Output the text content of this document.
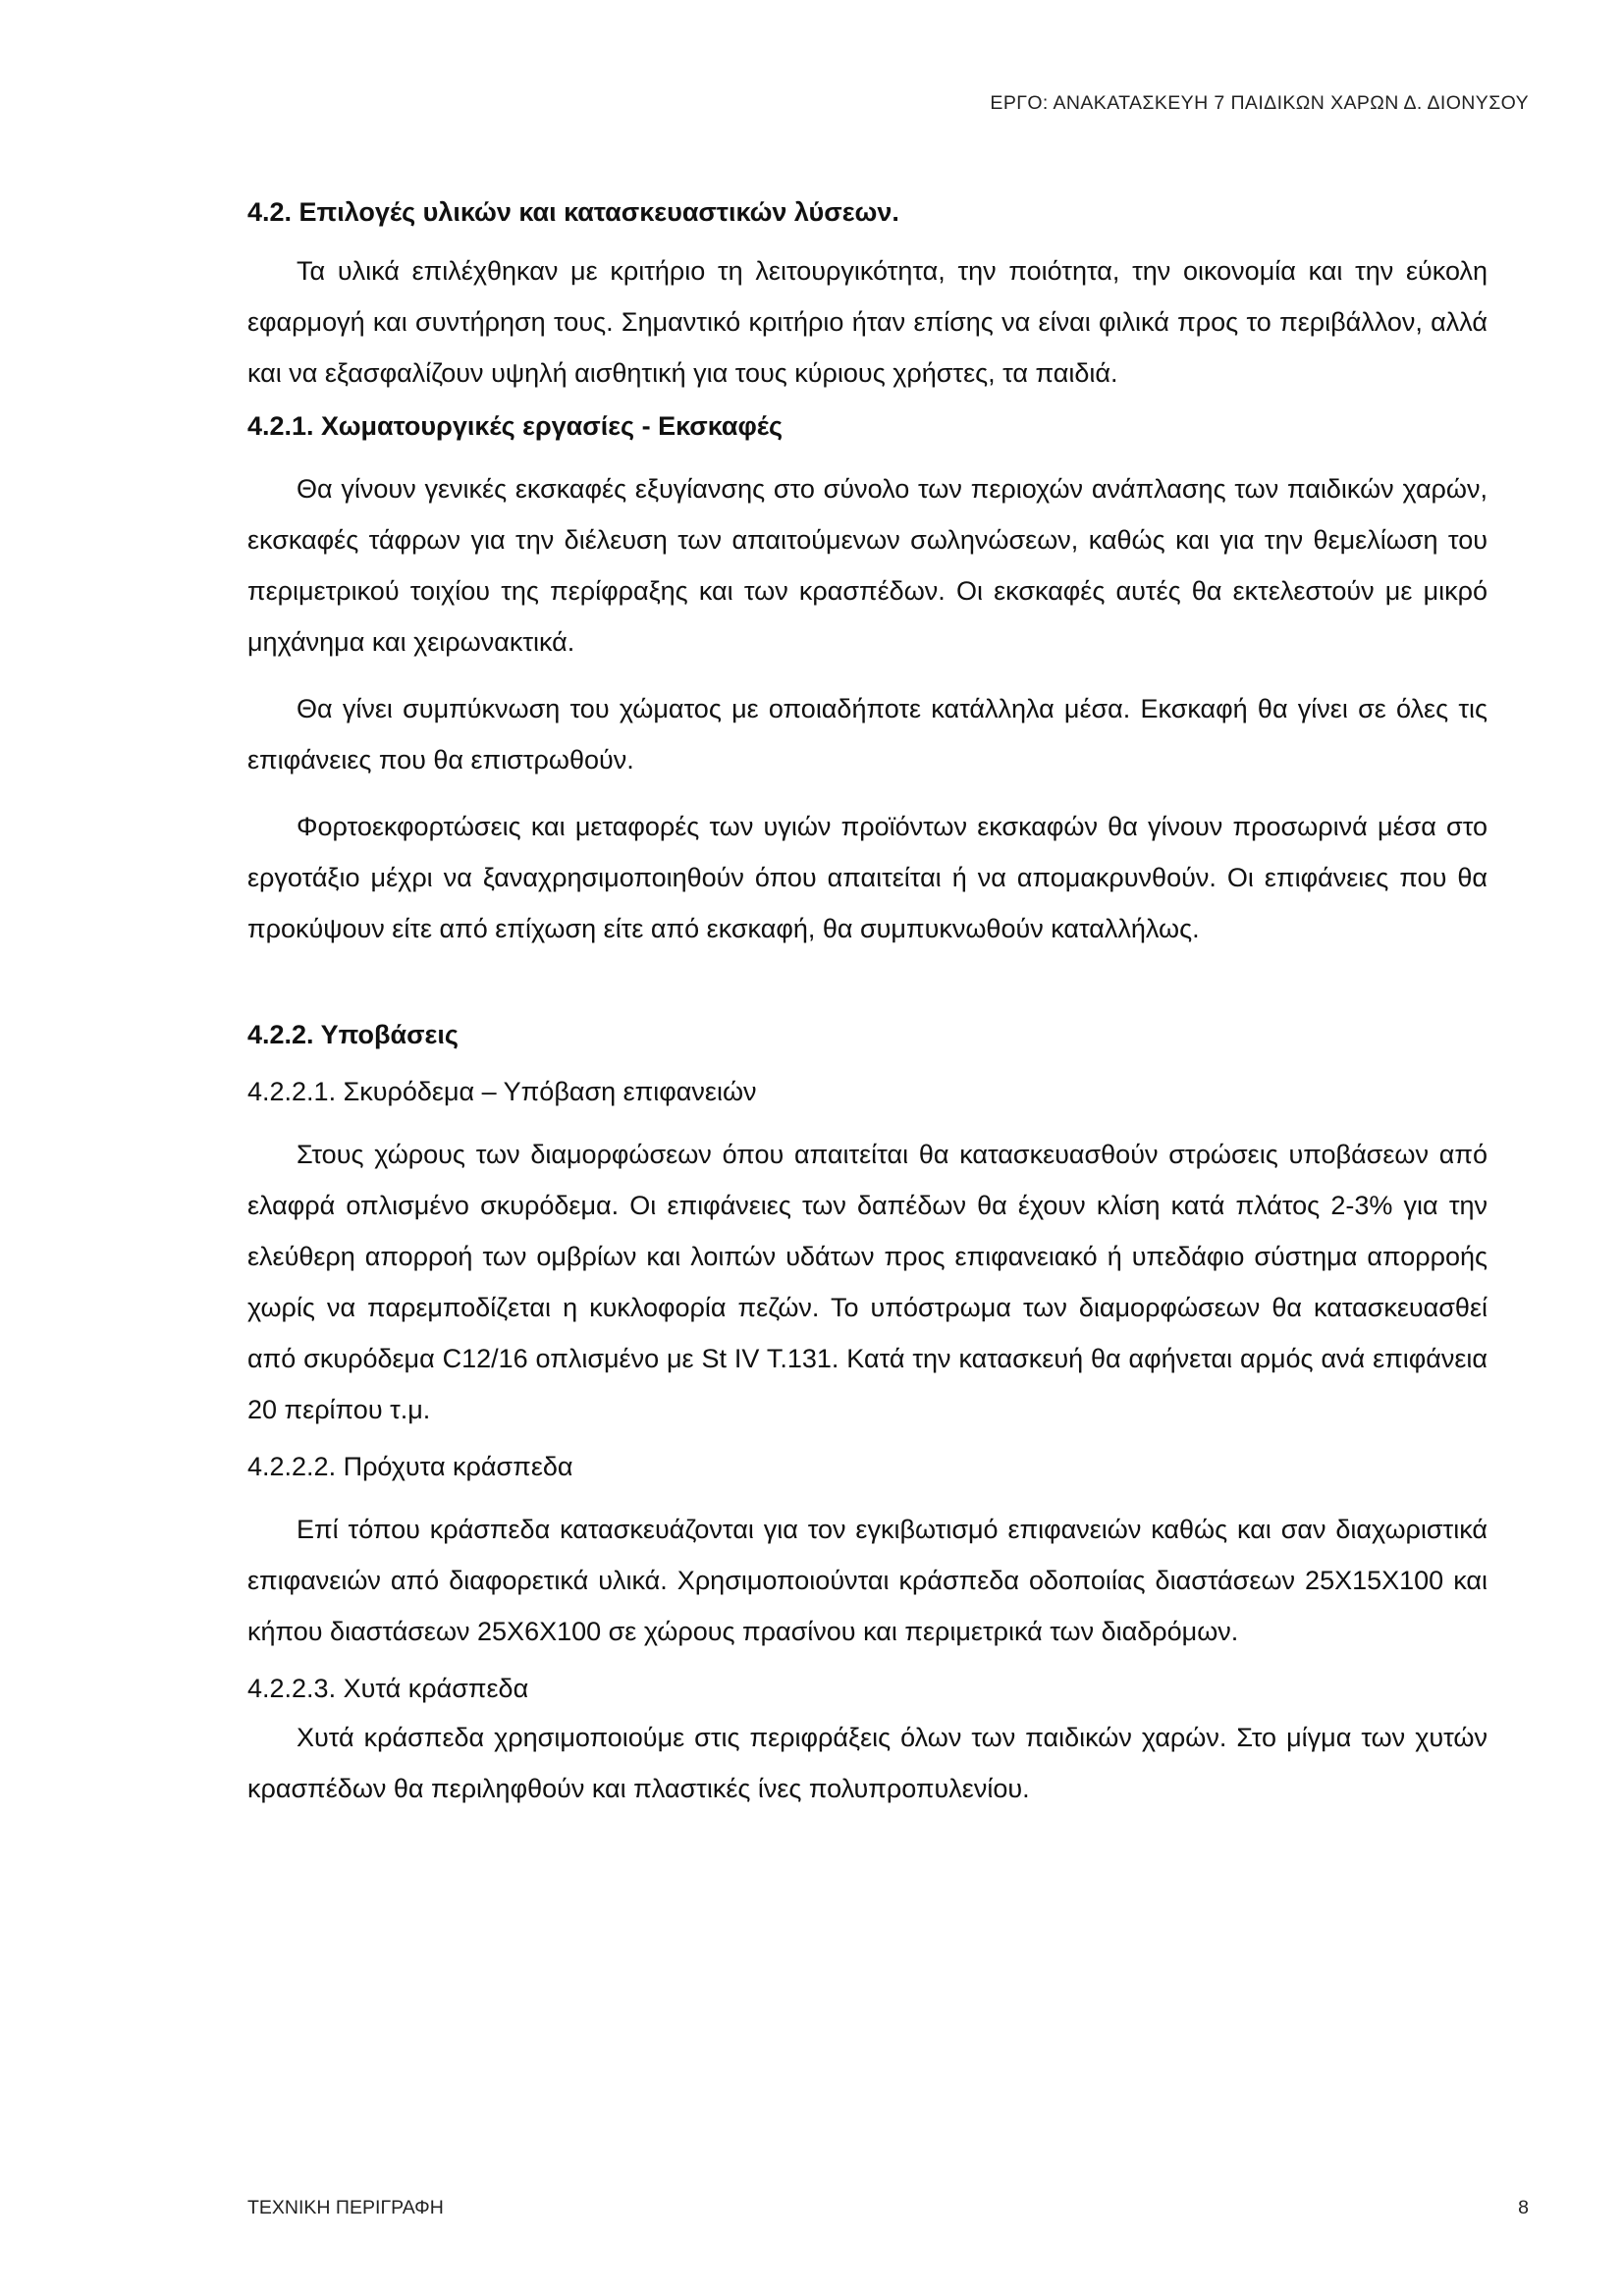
ΕΡΓΟ: ΑΝΑΚΑΤΑΣΚΕΥΗ 7 ΠΑΙΔΙΚΩΝ ΧΑΡΩΝ Δ. ΔΙΟΝΥΣΟΥ
4.2. Επιλογές υλικών και κατασκευαστικών λύσεων.

Τα υλικά επιλέχθηκαν με κριτήριο τη λειτουργικότητα, την ποιότητα, την οικονομία και την εύκολη εφαρμογή και συντήρηση τους. Σημαντικό κριτήριο ήταν επίσης να είναι φιλικά προς το περιβάλλον, αλλά και να εξασφαλίζουν υψηλή αισθητική για τους κύριους χρήστες, τα παιδιά.

4.2.1. Χωματουργικές εργασίες - Εκσκαφές

Θα γίνουν γενικές εκσκαφές εξυγίανσης στο σύνολο των περιοχών ανάπλασης των παιδικών χαρών, εκσκαφές τάφρων για την διέλευση των απαιτούμενων σωληνώσεων, καθώς και για την θεμελίωση του περιμετρικού τοιχίου της περίφραξης και των κρασπέδων. Οι εκσκαφές αυτές θα εκτελεστούν με μικρό μηχάνημα και χειρωνακτικά.

Θα γίνει συμπύκνωση του χώματος με οποιαδήποτε κατάλληλα μέσα. Εκσκαφή θα γίνει σε όλες τις επιφάνειες που θα επιστρωθούν.

Φορτοεκφορτώσεις και μεταφορές των υγιών προϊόντων εκσκαφών θα γίνουν προσωρινά μέσα στο εργοτάξιο μέχρι να ξαναχρησιμοποιηθούν όπου απαιτείται ή να απομακρυνθούν. Οι επιφάνειες που θα προκύψουν είτε από επίχωση είτε από εκσκαφή, θα συμπυκνωθούν καταλλήλως.

4.2.2. Υποβάσεις
4.2.2.1. Σκυρόδεμα – Υπόβαση επιφανειών

Στους χώρους των διαμορφώσεων όπου απαιτείται θα κατασκευασθούν στρώσεις υποβάσεων από ελαφρά οπλισμένο σκυρόδεμα. Οι επιφάνειες των δαπέδων θα έχουν κλίση κατά πλάτος 2-3% για την ελεύθερη απορροή των ομβρίων και λοιπών υδάτων προς επιφανειακό ή υπεδάφιο σύστημα απορροής χωρίς να παρεμποδίζεται η κυκλοφορία πεζών. Το υπόστρωμα των διαμορφώσεων θα κατασκευασθεί από σκυρόδεμα C12/16 οπλισμένο με St IV T.131. Κατά την κατασκευή θα αφήνεται αρμός ανά επιφάνεια 20 περίπου τ.μ.

4.2.2.2. Πρόχυτα κράσπεδα

Επί τόπου κράσπεδα κατασκευάζονται για τον εγκιβωτισμό επιφανειών καθώς και σαν διαχωριστικά επιφανειών από διαφορετικά υλικά. Χρησιμοποιούνται κράσπεδα οδοποιίας διαστάσεων 25Χ15Χ100 και κήπου διαστάσεων 25Χ6Χ100 σε χώρους πρασίνου και περιμετρικά των διαδρόμων.

4.2.2.3. Χυτά κράσπεδα

Χυτά κράσπεδα χρησιμοποιούμε στις περιφράξεις όλων των παιδικών χαρών. Στο μίγμα των χυτών κρασπέδων θα περιληφθούν και πλαστικές ίνες πολυπροπυλενίου.

ΤΕΧΝΙΚΗ ΠΕΡΙΓΡΑΦΗ	8
